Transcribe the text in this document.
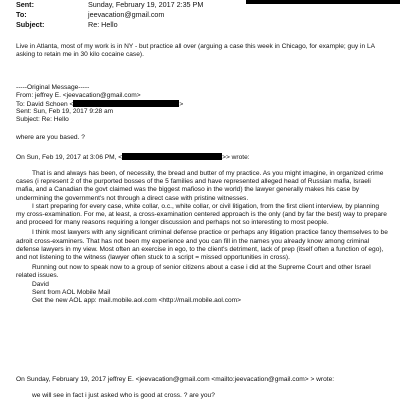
Sent:	Sunday, February 19, 2017 2:35 PM
To:	jeevacation@gmail.com
Subject:	Re: Hello
Live in Atlanta, most of my work is in NY - but practice all over (arguing a case this week in Chicago, for example; guy in LA asking to retain me in 30 kilo cocaine case).
-----Original Message-----
From: jeffrey E. <jeevacation@gmail.com>
To: David Schoen <	>
Sent: Sun, Feb 19, 2017 9:28 am
Subject: Re: Hello
where are you based. ?
On Sun, Feb 19, 2017 at 3:06 PM, <	>> wrote:

That is and always has been, of necessity, the bread and butter of my practice. As you might imagine, in organized crime cases (i represent 2 of the purported bosses of the 5 families and have represented alleged head of Russian mafia, Israeli mafia, and a Canadian the govt claimed was the biggest mafioso in the world) the lawyer generally makes his case by undermining the government's not through a direct case with pristine witnesses.

I start preparing for every case, white collar, o.c., white collar, or civil litigation, from the first client interview, by planning my cross-examination. For me, at least, a cross-examination centered approach is the only (and by far the best) way to prepare and proceed for many reasons requiring a longer discussion and perhaps not so interesting to most people.

I think most lawyers with any significant criminal defense practice or perhaps any litigation practice fancy themselves to be adroit cross-examiners. That has not been my experience and you can fill in the names you already know among criminal defense lawyers in my view. Most often an exercise in ego, to the client's detriment, lack of prep (itself often a function of ego), and not listening to the witness (lawyer often stuck to a script = missed opportunities in cross).

Running out now to speak now to a group of senior citizens about a case i did at the Supreme Court and other Israel related issues.

David
Sent from AOL Mobile Mail
Get the new AOL app: mail.mobile.aol.com <http://mail.mobile.aol.com>
On Sunday, February 19, 2017 jeffrey E. <jeevacation@gmail.com <mailto:jeevacation@gmail.com> > wrote:
we will see in fact i just asked who is good at cross. ? are you?
